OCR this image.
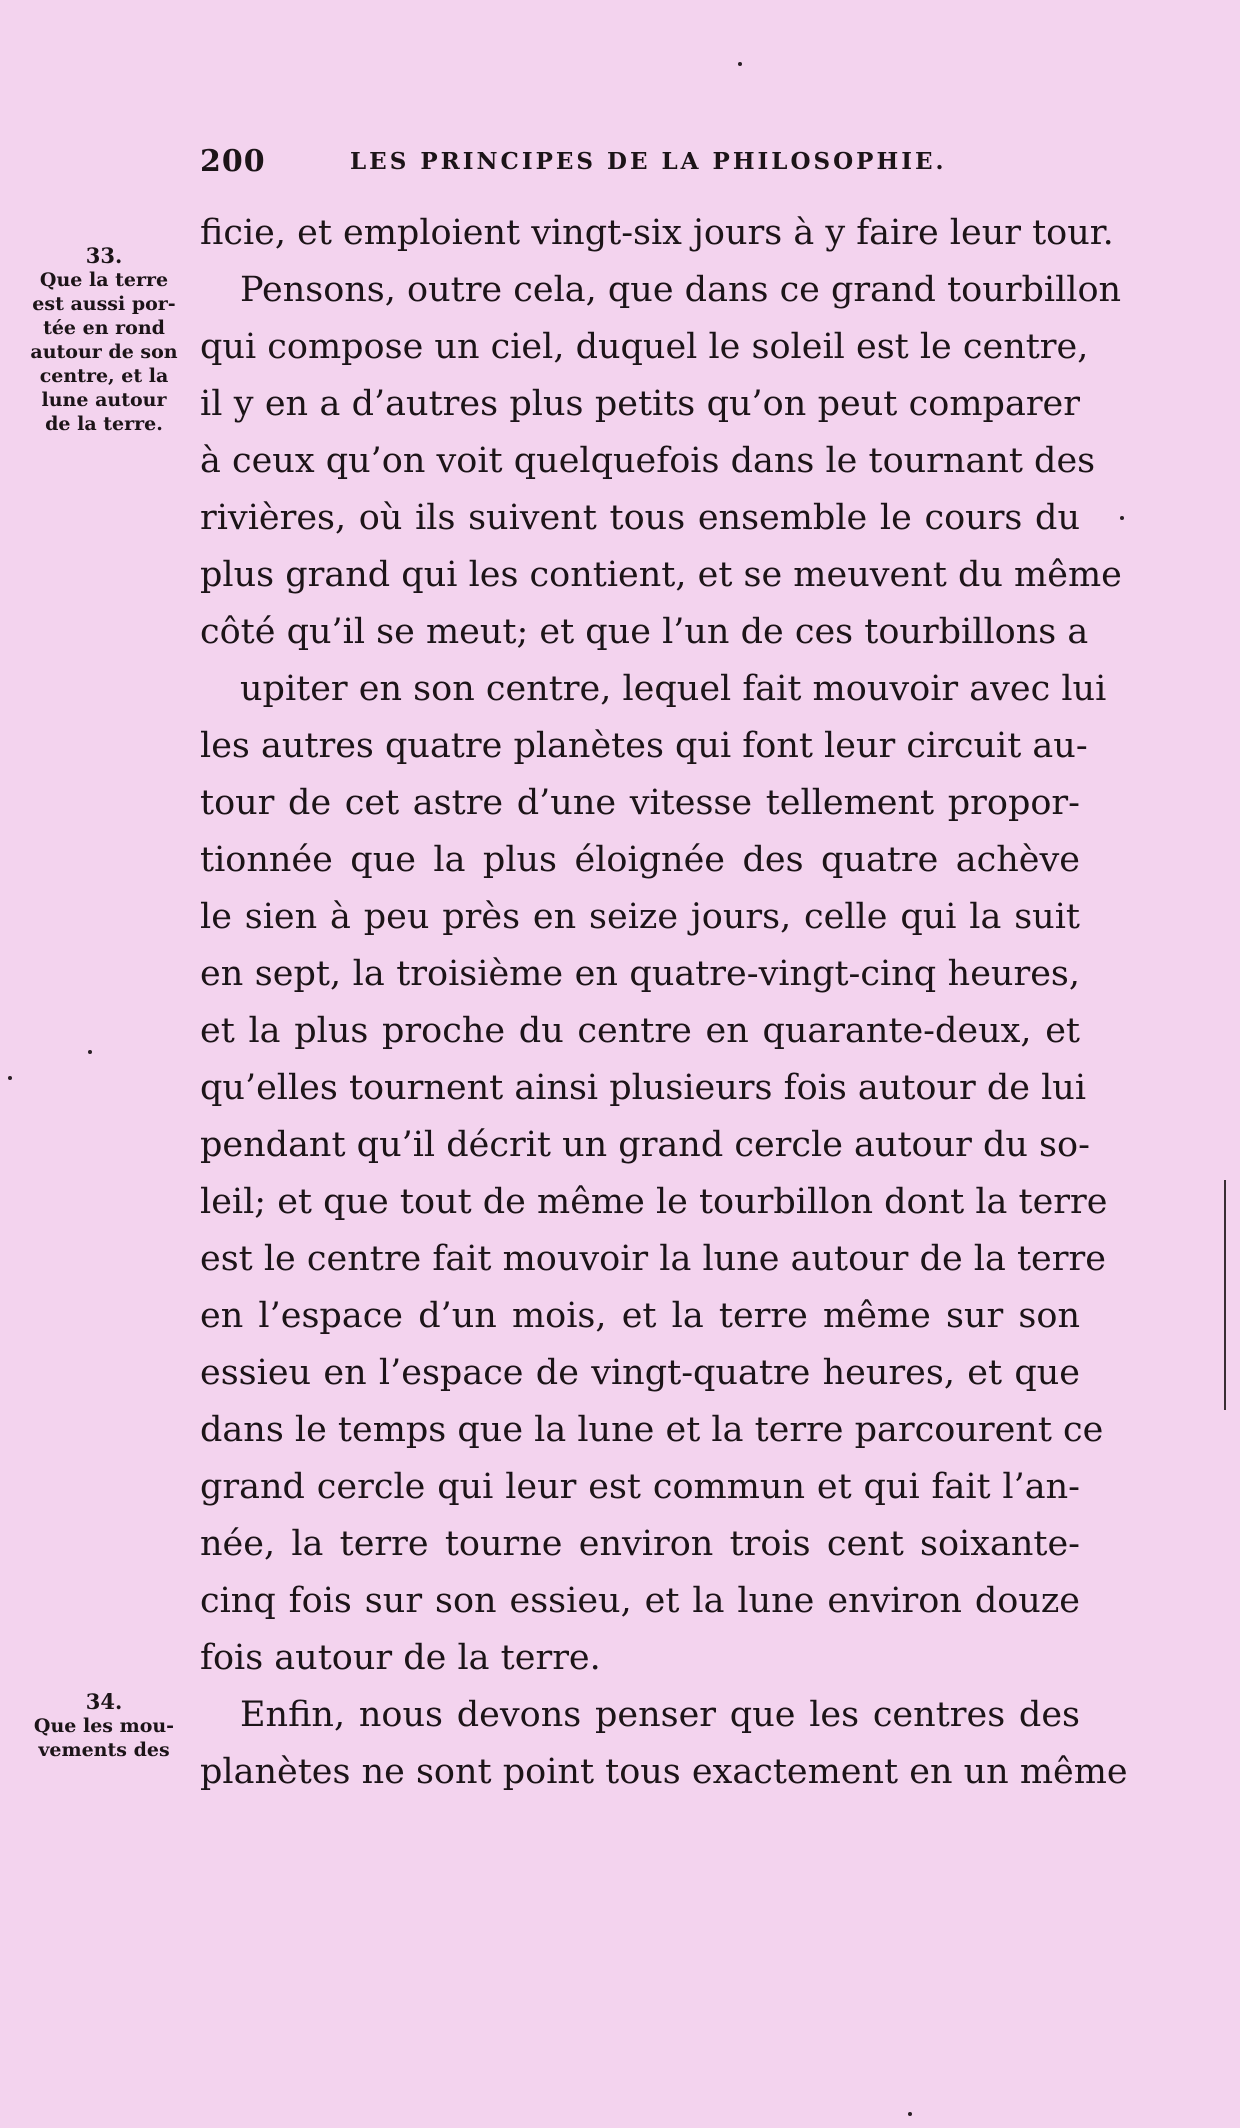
200	LES PRINCIPES DE LA PHILOSOPHIE.
33.
Que la terre
est aussi por-
tée en rond
autour de son
centre, et la
lune autour
de la terre.
34.
Que les mou-
vements des
ficie, et emploient vingt-six jours à y faire leur tour.
Pensons, outre cela, que dans ce grand tourbillon
qui compose un ciel, duquel le soleil est le centre,
il y en a d’autres plus petits qu’on peut comparer
à ceux qu’on voit quelquefois dans le tournant des
rivières, où ils suivent tous ensemble le cours du
plus grand qui les contient, et se meuvent du même
côté qu’il se meut; et que l’un de ces tourbillons a
upiter en son centre, lequel fait mouvoir avec lui
les autres quatre planètes qui font leur circuit au-
tour de cet astre d’une vitesse tellement propor-
tionnée que la plus éloignée des quatre achève
le sien à peu près en seize jours, celle qui la suit
en sept, la troisième en quatre-vingt-cinq heures,
et la plus proche du centre en quarante-deux, et
qu’elles tournent ainsi plusieurs fois autour de lui
pendant qu’il décrit un grand cercle autour du so-
leil; et que tout de même le tourbillon dont la terre
est le centre fait mouvoir la lune autour de la terre
en l’espace d’un mois, et la terre même sur son
essieu en l’espace de vingt-quatre heures, et que
dans le temps que la lune et la terre parcourent ce
grand cercle qui leur est commun et qui fait l’an-
née, la terre tourne environ trois cent soixante-
cinq fois sur son essieu, et la lune environ douze
fois autour de la terre.
Enfin, nous devons penser que les centres des
planètes ne sont point tous exactement en un même
